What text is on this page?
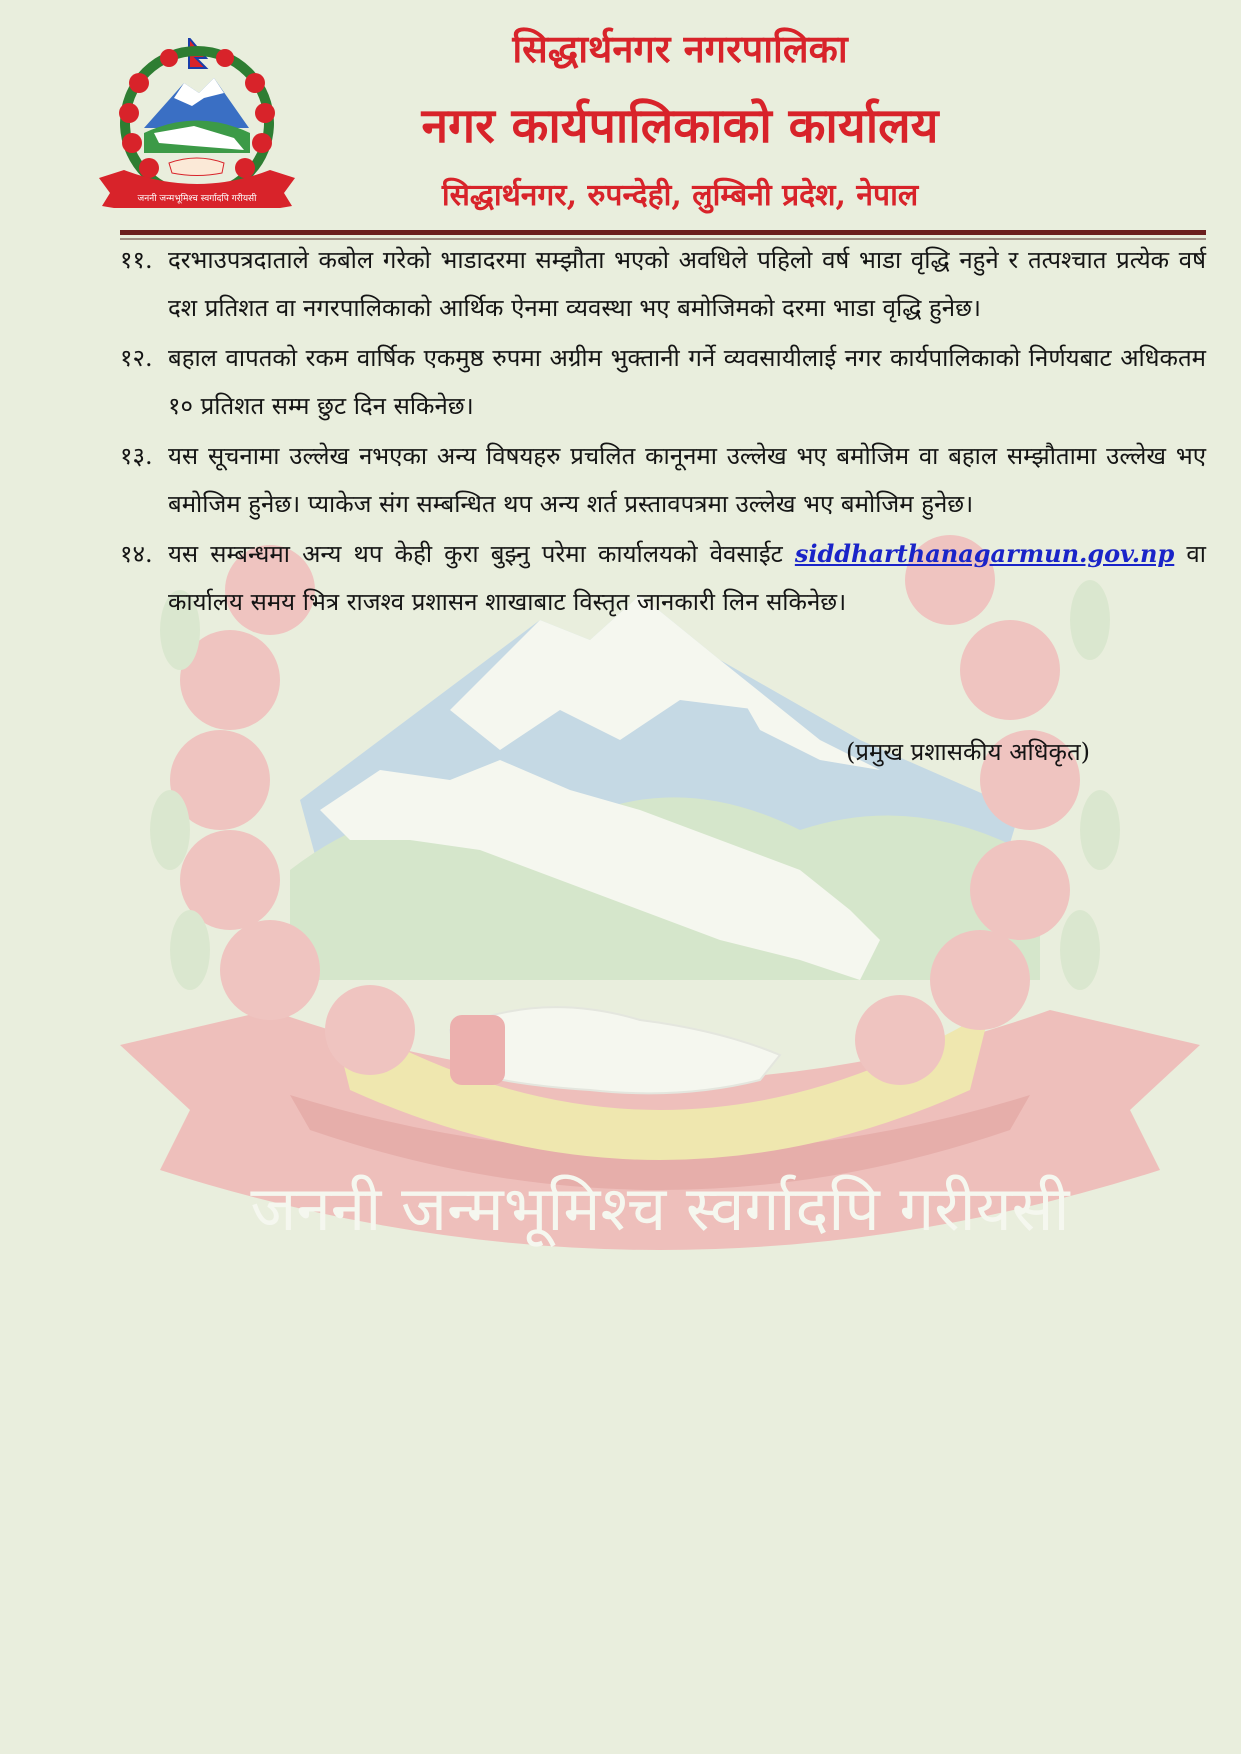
जननी जन्मभूमिश्च स्वर्गादपि गरीयसी
जननी जन्मभूमिश्च स्वर्गादपि गरीयसी
सिद्धार्थनगर नगरपालिका
नगर कार्यपालिकाको कार्यालय
सिद्धार्थनगर, रुपन्देही, लुम्बिनी प्रदेश, नेपाल
११. दरभाउपत्रदाताले कबोल गरेको भाडादरमा सम्झौता भएको अवधिले पहिलो वर्ष भाडा वृद्धि नहुने र तत्पश्चात प्रत्येक वर्ष दश प्रतिशत वा नगरपालिकाको आर्थिक ऐनमा व्यवस्था भए बमोजिमको दरमा भाडा वृद्धि हुनेछ।
१२. बहाल वापतको रकम वार्षिक एकमुष्ठ रुपमा अग्रीम भुक्तानी गर्ने व्यवसायीलाई नगर कार्यपालिकाको निर्णयबाट अधिकतम १० प्रतिशत सम्म छुट दिन सकिनेछ।
१३. यस सूचनामा उल्लेख नभएका अन्य विषयहरु प्रचलित कानूनमा उल्लेख भए बमोजिम वा बहाल सम्झौतामा उल्लेख भए बमोजिम हुनेछ। प्याकेज संग सम्बन्धित थप अन्य शर्त प्रस्तावपत्रमा उल्लेख भए बमोजिम हुनेछ।
१४. यस सम्बन्धमा अन्य थप केही कुरा बुझ्नु परेमा कार्यालयको वेवसाईट siddharthanagarmun.gov.np वा कार्यालय समय भित्र राजश्व प्रशासन शाखाबाट विस्तृत जानकारी लिन सकिनेछ।
(प्रमुख प्रशासकीय अधिकृत)
